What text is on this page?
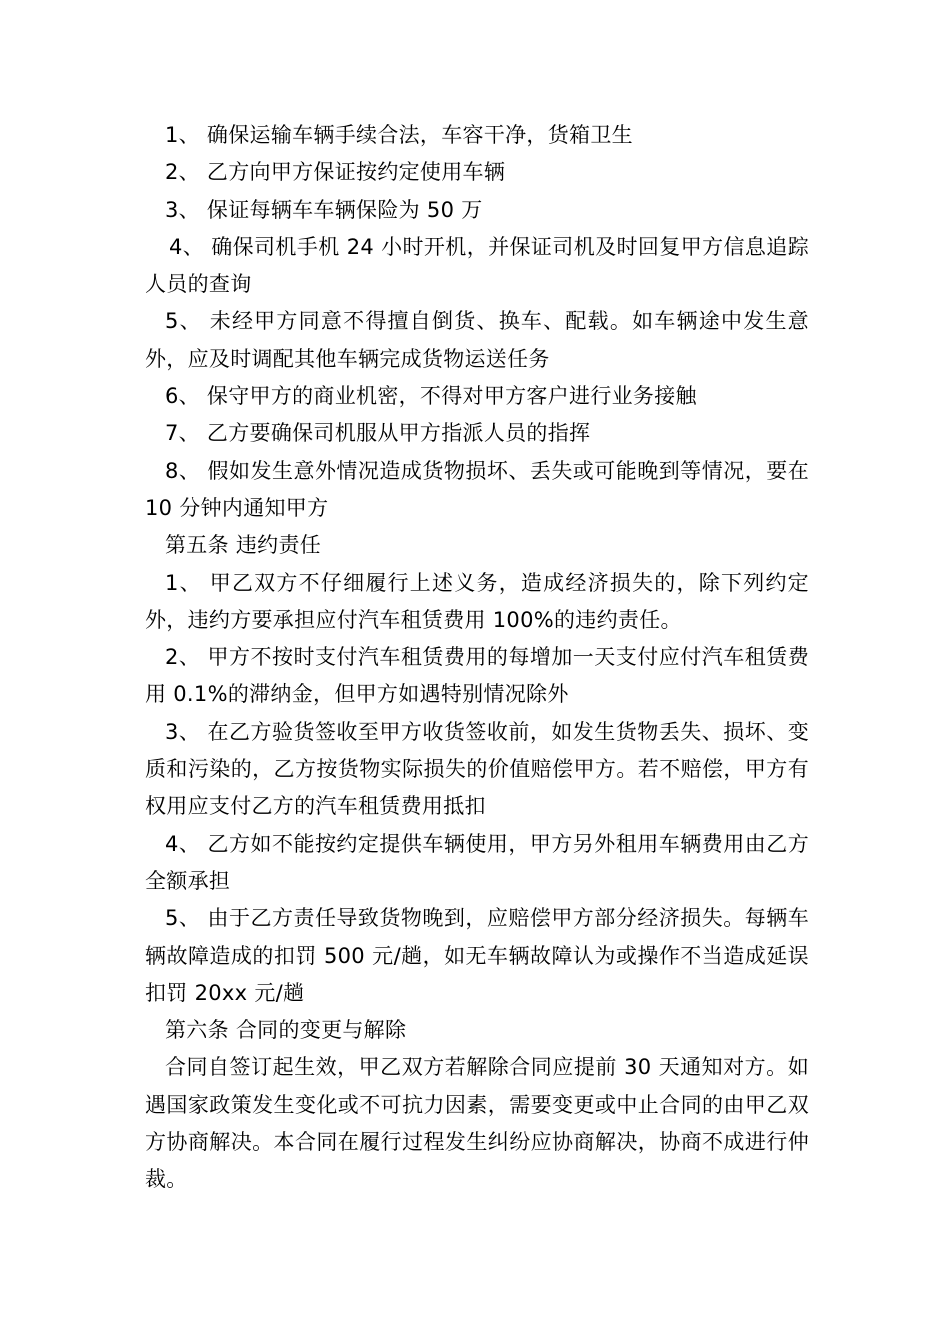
1、 确保运输车辆手续合法，车容干净，货箱卫生

2、 乙方向甲方保证按约定使用车辆

3、 保证每辆车车辆保险为 50 万

4、 确保司机手机 24 小时开机，并保证司机及时回复甲方信息追踪人员的查询

5、 未经甲方同意不得擅自倒货、换车、配载。如车辆途中发生意外，应及时调配其他车辆完成货物运送任务

6、 保守甲方的商业机密，不得对甲方客户进行业务接触

7、 乙方要确保司机服从甲方指派人员的指挥

8、 假如发生意外情况造成货物损坏、丢失或可能晚到等情况，要在 10 分钟内通知甲方

第五条 违约责任

1、 甲乙双方不仔细履行上述义务，造成经济损失的，除下列约定外，违约方要承担应付汽车租赁费用 100%的违约责任。

2、 甲方不按时支付汽车租赁费用的每增加一天支付应付汽车租赁费用 0.1%的滞纳金，但甲方如遇特别情况除外

3、 在乙方验货签收至甲方收货签收前，如发生货物丢失、损坏、变质和污染的，乙方按货物实际损失的价值赔偿甲方。若不赔偿，甲方有权用应支付乙方的汽车租赁费用抵扣

4、 乙方如不能按约定提供车辆使用，甲方另外租用车辆费用由乙方全额承担

5、 由于乙方责任导致货物晚到，应赔偿甲方部分经济损失。每辆车辆故障造成的扣罚 500 元/趟，如无车辆故障认为或操作不当造成延误扣罚 20xx 元/趟

第六条 合同的变更与解除

合同自签订起生效，甲乙双方若解除合同应提前 30 天通知对方。如遇国家政策发生变化或不可抗力因素，需要变更或中止合同的由甲乙双方协商解决。本合同在履行过程发生纠纷应协商解决，协商不成进行仲裁。
